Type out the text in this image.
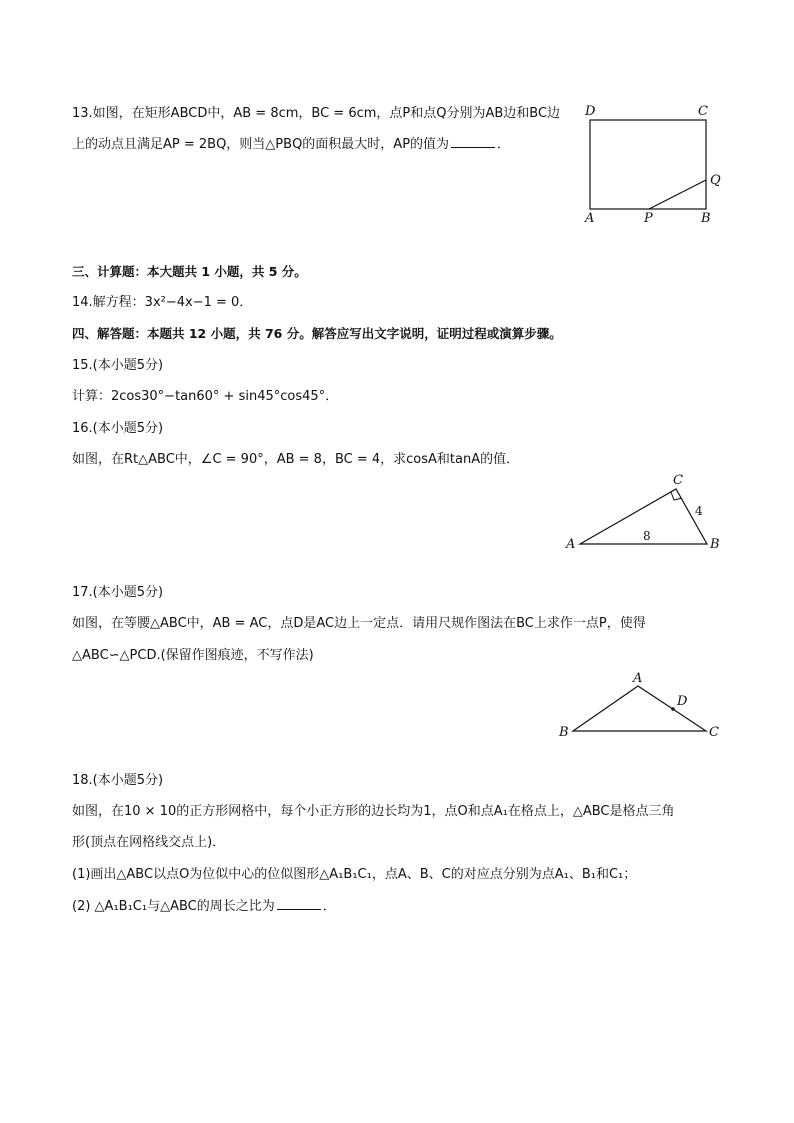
13.如图，在矩形ABCD中，AB = 8cm，BC = 6cm，点P和点Q分别为AB边和BC边
上的动点且满足AP = 2BQ，则当△PBQ的面积最大时，AP的值为	．
D	C
Q
A	P	B
三、计算题：本大题共 1 小题，共 5 分。
14.解方程：3x²−4x−1 = 0．
四、解答题：本题共 12 小题，共 76 分。解答应写出文字说明，证明过程或演算步骤。
15.(本小题5分)
计算：2cos30°−tan60° + sin45°cos45°．
16.(本小题5分)
如图，在Rt△ABC中，∠C = 90°，AB = 8，BC = 4，求cosA和tanA的值．
A	B
C
8
4
17.(本小题5分)
如图，在等腰△ABC中，AB = AC，点D是AC边上一定点．请用尺规作图法在BC上求作一点P，使得
△ABC∽△PCD.(保留作图痕迹，不写作法)
A
B	C
D
18.(本小题5分)
如图，在10 × 10的正方形网格中，每个小正方形的边长均为1，点O和点A₁在格点上，△ABC是格点三角
形(顶点在网格线交点上)．
(1)画出△ABC以点O为位似中心的位似图形△A₁B₁C₁，点A、B、C的对应点分别为点A₁、B₁和C₁；
(2) △A₁B₁C₁与△ABC的周长之比为	．
